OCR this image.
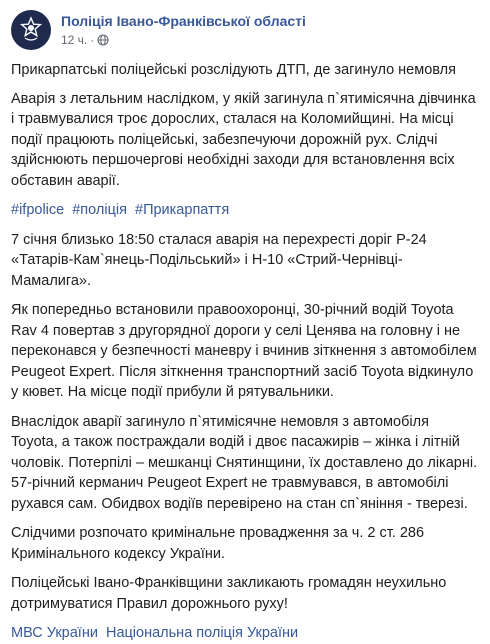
Поліція Івано-Франківської області
12 ч. ·

Прикарпатські поліцейські розслідують ДТП, де загинуло немовля

Аварія з летальним наслідком, у якій загинула п`ятимісячна дівчинка і травмувалися троє дорослих, сталася на Коломийщині. На місці події працюють поліцейські, забезпечуючи дорожній рух. Слідчі здійснюють першочергові необхідні заходи для встановлення всіх обставин аварії.

#ifpolice #поліція #Прикарпаття

7 січня близько 18:50 сталася аварія на перехресті доріг Р-24 «Татарів-Кам`янець-Подільський» і Н-10 «Стрий-Чернівці-Мамалига».

Як попередньо встановили правоохоронці, 30-річний водій Toyota Rav 4 повертав з другорядної дороги у селі Ценява на головну і не переконався у безпечності маневру і вчинив зіткнення з автомобілем Peugeot Expert. Після зіткнення транспортний засіб Toyota відкинуло у кювет. На місце події прибули й рятувальники.

Внаслідок аварії загинуло п`ятимісячне немовля з автомобіля Toyota, а також постраждали водій і двоє пасажирів – жінка і літній чоловік. Потерпілі – мешканці Снятинщини, їх доставлено до лікарні. 57-річний керманич Peugeot Expert не травмувався, в автомобілі рухався сам. Обидвох водіїв перевірено на стан сп`яніння - тверезі.

Слідчими розпочато кримінальне провадження за ч. 2 ст. 286 Кримінального кодексу України.

Поліцейські Івано-Франківщини закликають громадян неухильно дотримуватися Правил дорожнього руху!

МВС України Національна поліція України
